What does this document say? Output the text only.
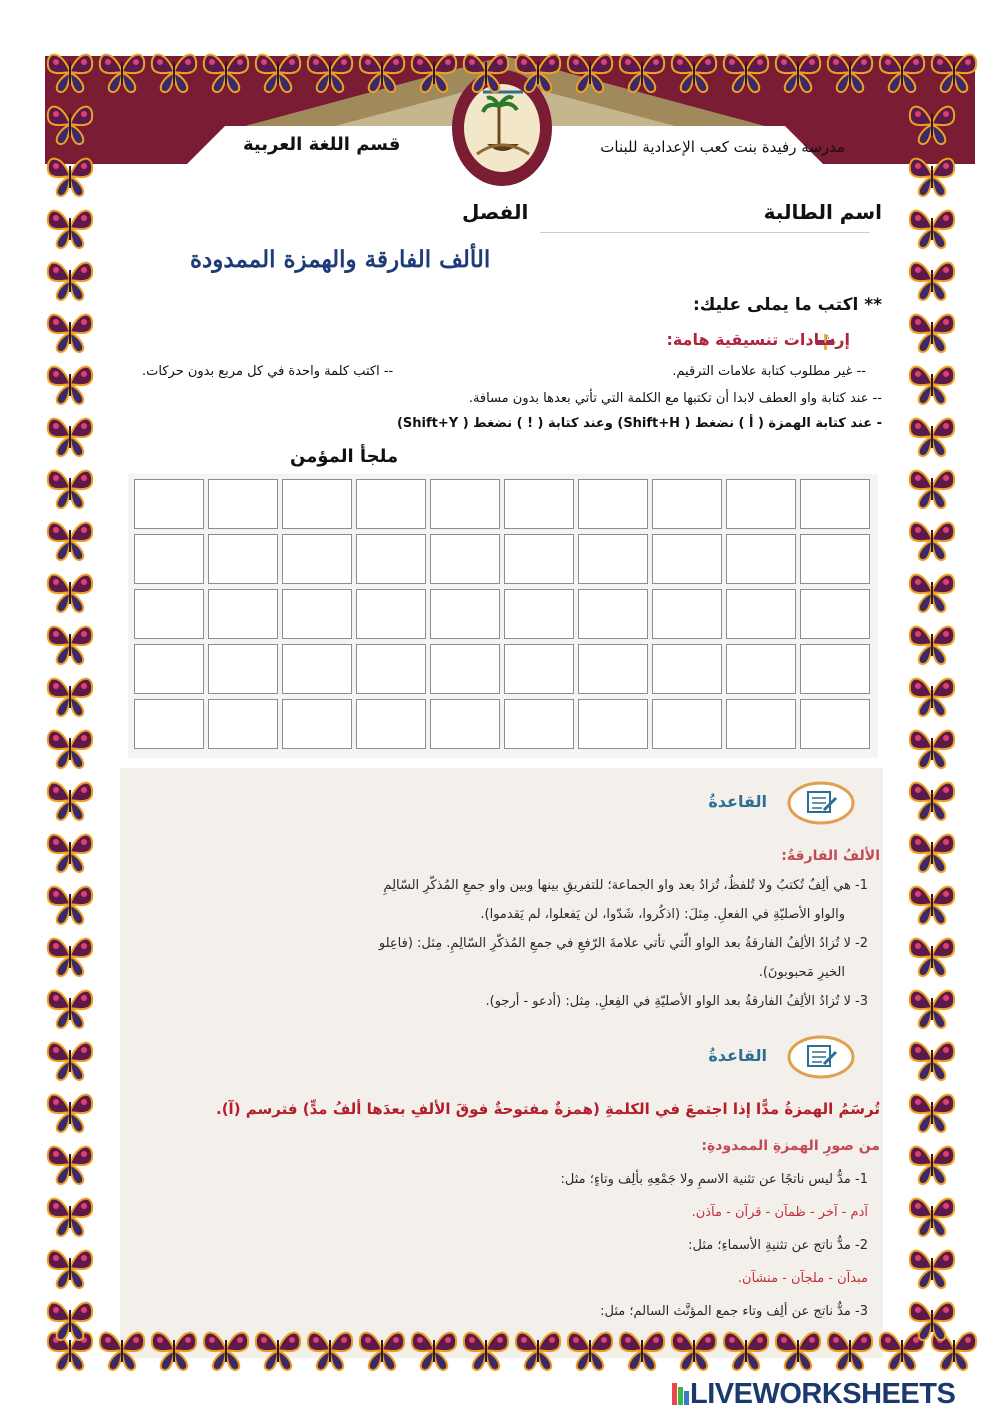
مدرسة رفيدة بنت كعب الإعدادية للبنات
قسم اللغة العربية
اسم الطالبة
الفصل
الألف الفارقة والهمزة الممدودة
** اكتب ما يملى عليك:
إرشادات تنسيقية هامة:
-- غير مطلوب كتابة علامات الترقيم.
-- اكتب كلمة واحدة في كل مربع بدون حركات.
-- عند كتابة واو العطف لابدا أن تكتبها مع الكلمة التي تأتي بعدها بدون مسافة.
- عند كتابة الهمزة ( أ ) نضغط ( Shift+H) وعند كتابة ( ! ) نضغط ( Shift+Y)
ملجأ المؤمن
القاعدةُ
الألفُ الفارقةُ:
1- هي ألِفٌ تُكتبُ ولا تُلفظُ، تُزادُ بعد واو الجماعة؛ للتفريقِ بينها وبين واو جمعِ المُذكّرِ السّالِمِ
والواو الأصليّةِ في الفعلِ. مِثلَ: (اذكُروا، شَدّوا، لن يَفعلوا، لم يَقدموا).
2- لا تُزادُ الألِفُ الفارقةُ بعد الواو الّتي تأتي علامةَ الرّفعِ في جمعِ المُذكّرِ السّالِمِ. مِثل: (فاعِلو
الخيرِ مَحبوبونَ).
3- لا تُزادُ الألِفُ الفارقةُ بعد الواو الأصليّةِ في الفِعلِ. مِثل: (أدعو - أرجو).
القاعدةُ
تُرسَمُ الهمزةُ مدًّا إذا اجتمعَ في الكلمةِ (همزةٌ مفتوحةٌ فوقَ الألفِ بعدَها ألفُ مدٍّ) فترسم (آ).
من صورِ الهمزةِ الممدودةِ:
1- مدٌّ ليس ناتجًا عن تثنية الاسمِ ولا جَمْعِهِ بألِف وتاءٍ؛ مثل:
آدم - آخر - ظمآن - قرآن - مآذن.
2- مدٌّ ناتج عن تثنيةِ الأسماءِ؛ مثل:
مبدآن - ملجآن - منشآن.
3- مدٌّ ناتج عن ألِف وتاء جمع المؤنَّث السالم؛ مثل:
LIVEWORKSHEETS
